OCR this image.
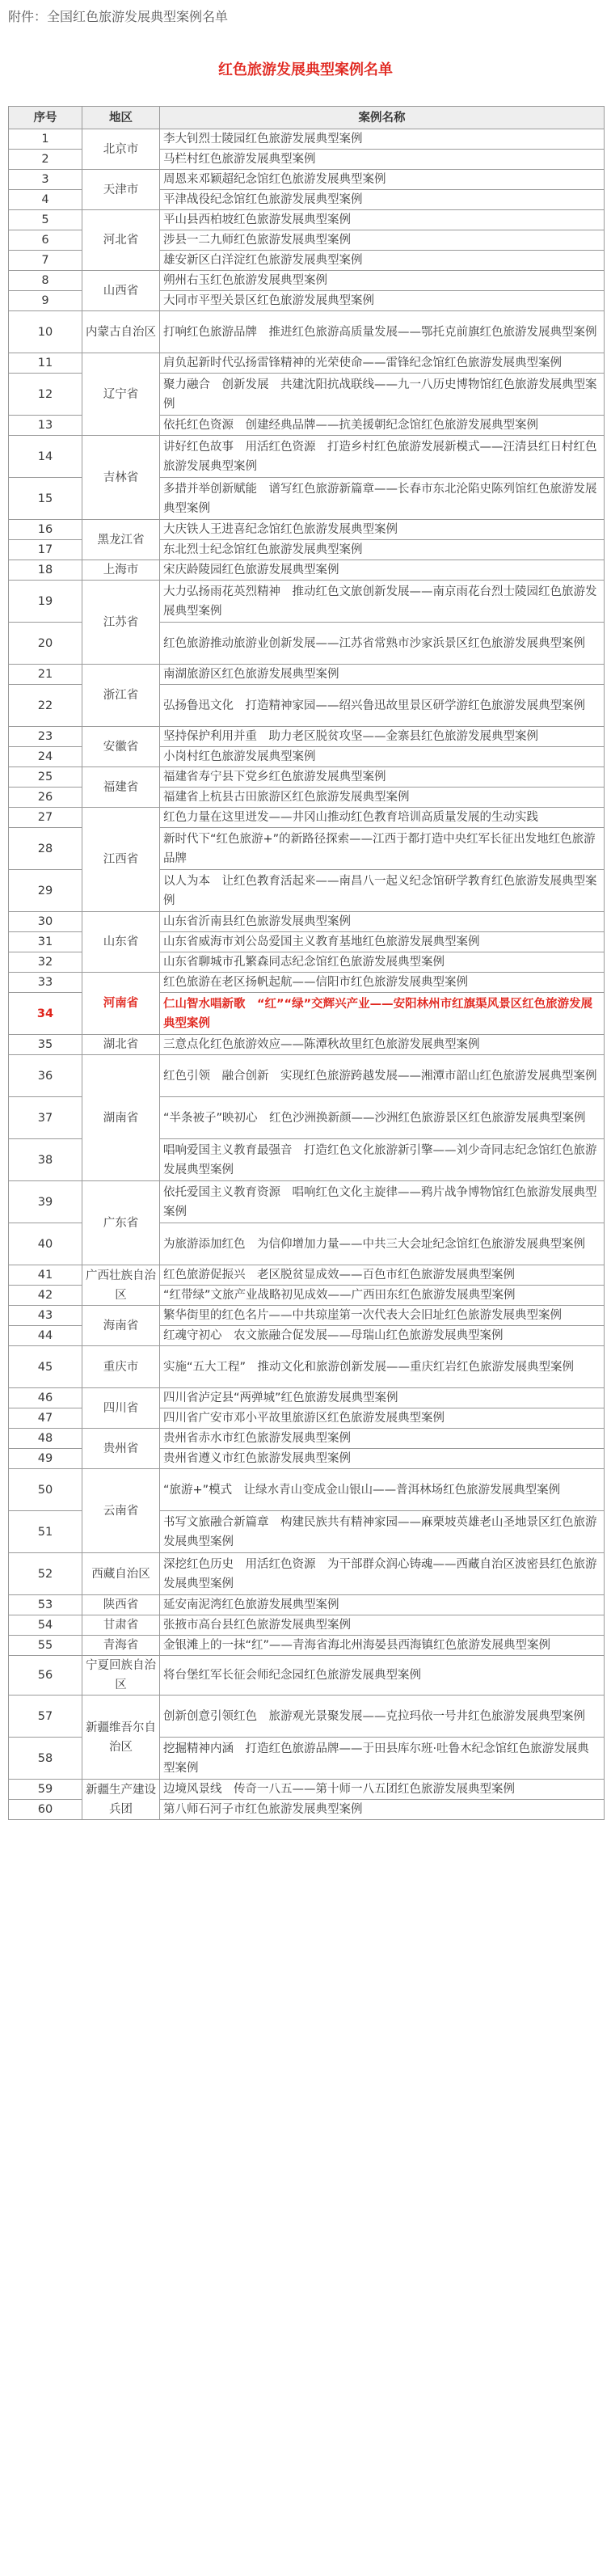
附件：全国红色旅游发展典型案例名单
红色旅游发展典型案例名单
序号	地区	案例名称
1	北京市	李大钊烈士陵园红色旅游发展典型案例
2		马栏村红色旅游发展典型案例
3	天津市	周恩来邓颖超纪念馆红色旅游发展典型案例
4		平津战役纪念馆红色旅游发展典型案例
5	河北省	平山县西柏坡红色旅游发展典型案例
6		涉县一二九师红色旅游发展典型案例
7		雄安新区白洋淀红色旅游发展典型案例
8	山西省	朔州右玉红色旅游发展典型案例
9		大同市平型关景区红色旅游发展典型案例
10	内蒙古自治区	打响红色旅游品牌　推进红色旅游高质量发展——鄂托克前旗红色旅游发展典型案例
11	辽宁省	肩负起新时代弘扬雷锋精神的光荣使命——雷锋纪念馆红色旅游发展典型案例
12		聚力融合　创新发展　共建沈阳抗战联线——九一八历史博物馆红色旅游发展典型案例
13		依托红色资源　创建经典品牌——抗美援朝纪念馆红色旅游发展典型案例
14	吉林省	讲好红色故事　用活红色资源　打造乡村红色旅游发展新模式——汪清县红日村红色旅游发展典型案例
15		多措并举创新赋能　谱写红色旅游新篇章——长春市东北沦陷史陈列馆红色旅游发展典型案例
16	黑龙江省	大庆铁人王进喜纪念馆红色旅游发展典型案例
17		东北烈士纪念馆红色旅游发展典型案例
18	上海市	宋庆龄陵园红色旅游发展典型案例
19	江苏省	大力弘扬雨花英烈精神　推动红色文旅创新发展——南京雨花台烈士陵园红色旅游发展典型案例
20		红色旅游推动旅游业创新发展——江苏省常熟市沙家浜景区红色旅游发展典型案例
21	浙江省	南湖旅游区红色旅游发展典型案例
22		弘扬鲁迅文化　打造精神家园——绍兴鲁迅故里景区研学游红色旅游发展典型案例
23	安徽省	坚持保护利用并重　助力老区脱贫攻坚——金寨县红色旅游发展典型案例
24		小岗村红色旅游发展典型案例
25	福建省	福建省寿宁县下党乡红色旅游发展典型案例
26		福建省上杭县古田旅游区红色旅游发展典型案例
27	江西省	红色力量在这里迸发——井冈山推动红色教育培训高质量发展的生动实践
28		新时代下“红色旅游+”的新路径探索——江西于都打造中央红军长征出发地红色旅游品牌
29		以人为本　让红色教育活起来——南昌八一起义纪念馆研学教育红色旅游发展典型案例
30	山东省	山东省沂南县红色旅游发展典型案例
31		山东省威海市刘公岛爱国主义教育基地红色旅游发展典型案例
32		山东省聊城市孔繁森同志纪念馆红色旅游发展典型案例
33	河南省	红色旅游在老区扬帆起航——信阳市红色旅游发展典型案例
34		仁山智水唱新歌　“红”“绿”交辉兴产业——安阳林州市红旗渠风景区红色旅游发展典型案例
35	湖北省	三意点化红色旅游效应——陈潭秋故里红色旅游发展典型案例
36	湖南省	红色引领　融合创新　实现红色旅游跨越发展——湘潭市韶山红色旅游发展典型案例
37		“半条被子”映初心　红色沙洲换新颜——沙洲红色旅游景区红色旅游发展典型案例
38		唱响爱国主义教育最强音　打造红色文化旅游新引擎——刘少奇同志纪念馆红色旅游发展典型案例
39	广东省	依托爱国主义教育资源　唱响红色文化主旋律——鸦片战争博物馆红色旅游发展典型案例
40		为旅游添加红色　为信仰增加力量——中共三大会址纪念馆红色旅游发展典型案例
41	广西壮族自治区	红色旅游促振兴　老区脱贫显成效——百色市红色旅游发展典型案例
42		“红带绿”文旅产业战略初见成效——广西田东红色旅游发展典型案例
43	海南省	繁华街里的红色名片——中共琼崖第一次代表大会旧址红色旅游发展典型案例
44		红魂守初心　农文旅融合促发展——母瑞山红色旅游发展典型案例
45	重庆市	实施“五大工程”　推动文化和旅游创新发展——重庆红岩红色旅游发展典型案例
46	四川省	四川省泸定县“两弹城”红色旅游发展典型案例
47		四川省广安市邓小平故里旅游区红色旅游发展典型案例
48	贵州省	贵州省赤水市红色旅游发展典型案例
49		贵州省遵义市红色旅游发展典型案例
50	云南省	“旅游+”模式　让绿水青山变成金山银山——普洱林场红色旅游发展典型案例
51		书写文旅融合新篇章　构建民族共有精神家园——麻栗坡英雄老山圣地景区红色旅游发展典型案例
52	西藏自治区	深挖红色历史　用活红色资源　为干部群众润心铸魂——西藏自治区波密县红色旅游发展典型案例
53	陕西省	延安南泥湾红色旅游发展典型案例
54	甘肃省	张掖市高台县红色旅游发展典型案例
55	青海省	金银滩上的一抹“红”——青海省海北州海晏县西海镇红色旅游发展典型案例
56	宁夏回族自治区	将台堡红军长征会师纪念园红色旅游发展典型案例
57	新疆维吾尔自治区	创新创意引领红色　旅游观光景聚发展——克拉玛依一号井红色旅游发展典型案例
58		挖掘精神内涵　打造红色旅游品牌——于田县库尔班·吐鲁木纪念馆红色旅游发展典型案例
59	新疆生产建设兵团	边境风景线　传奇一八五——第十师一八五团红色旅游发展典型案例
60		第八师石河子市红色旅游发展典型案例
